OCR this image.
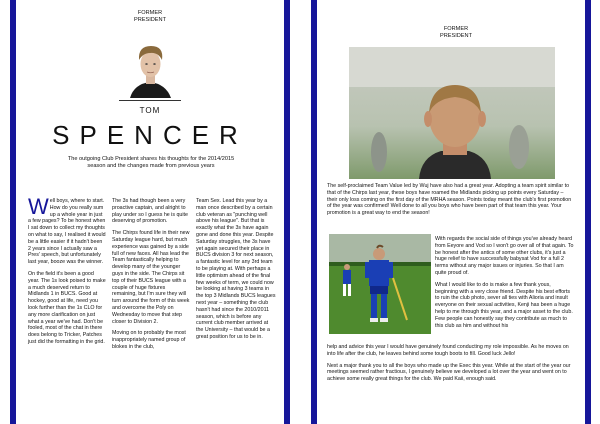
FORMER
PRESIDENT
TOM
SPENCER
The outgoing Club President shares his thoughts for the 2014/2015 season and the changes made from previous years

Well boys, where to start. How do you really sum up a whole year in just a few pages? To be honest when I sat down to collect my thoughts on what to say, I realised it would be a little easier if it hadn't been 2 years since I actually saw a Pres' speech, but unfortunately last year, booze was the winner.

On the field it's been a good year. The 1s look poised to make a much deserved return to Midlands 1 in BUCS. Good at hockey, good at life, need you look further than the 1s CLO for any more clarification on just what a year we've had. Don't be fooled, most of the chat in there does belong to Tricker, Patches just did the formatting in the grid.

The 3s had though been a very proactive captain, and alright to play under so I guess he is quite deserving of promotion.

The Chirps found life in their new Saturday league hard, but much experience was gained by a side full of new faces. All has lead the Team fantastically helping to develop many of the younger guys in the side. The Chirps sit top of their BUCS league with a couple of huge fixtures remaining, but I'm sure they will turn around the form of this week and overcome the Poly on Wednesday to move that step closer to Division 2.

Moving on to probably the most inappropriately named group of blokes in the club,

Team Sex. Lead this year by a man once described by a certain club veteran as "punching well above his league". But that is exactly what the 3s have again gone and done this year. Despite Saturday struggles, the 3s have yet again secured their place in BUCS division 3 for next season, a fantastic level for any 3rd team to be playing at. With perhaps a little optimism ahead of the final few weeks of term, we could now be looking at having 3 teams in the top 3 Midlands BUCS leagues next year – something the club hasn't had since the 2010/2011 season, which is before any current club member arrived at the University – that would be a great position for us to be in.

FORMER
PRESIDENT

The self-proclaimed Team Value led by Wuj have also had a great year. Adopting a team spirit similar to that of the Chirps last year, these boys have roamed the Midlands picking up points every Saturday – their only loss coming on the first day of the MRHA season. Points today meant the club's first promotion of the year was confirmed! Well done to all you boys who have been part of that team this year. Your promotion is a great way to end the season!

With regards the social side of things you've already heard from Eeyore and Vod so I won't go over all of that again. To be honest after the antics of some other clubs, it's just a huge relief to have successfully babysat Vod for a full 2 terms without any major issues or injuries. So that I am quite proud of.

What I would like to do is make a few thank yous, beginning with a very close friend. Despite his best efforts to ruin the club photo, sever all ties with Alioria and insult everyone on their sexual activities, Kenji has been a huge help to me through this year, and a major asset to the club. Few people can honestly say they contribute as much to this club as him and without his

help and advice this year I would have genuinely found conducting my role impossible. As he moves on into life after the club, he leaves behind some tough boots to fill. Good luck Jello!

Next a major thank you to all the boys who made up the Exec this year. While at the start of the year our meetings seemed rather fractious, I genuinely believe we developed a lot over the year and went on to achieve some really great things for the club. We paid Kaii, enough said.
